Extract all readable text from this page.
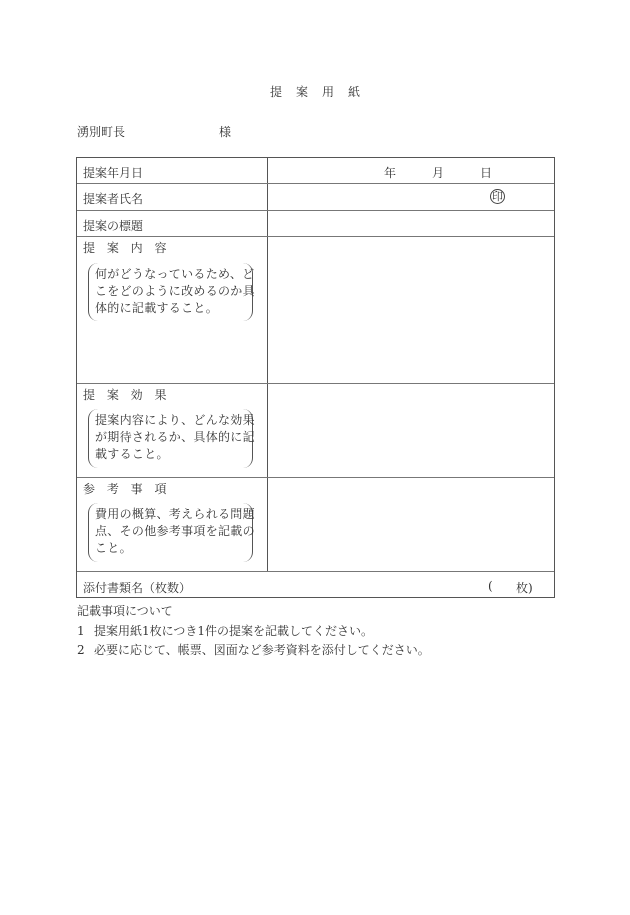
提案用紙
湧別町長	様
提案年月日	年	月	日
提案者氏名	印
提案の標題
提 案 内 容
何がどうなっているため、ど
こをどのように改めるのか具
体的に記載すること。
提 案 効 果
提案内容により、どんな効果
が期待されるか、具体的に記
載すること。
参 考 事 項
費用の概算、考えられる問題
点、その他参考事項を記載の
こと。
添付書類名（枚数）	( 枚)
記載事項について
1 提案用紙1枚につき1件の提案を記載してください。
2 必要に応じて、帳票、図面など参考資料を添付してください。
